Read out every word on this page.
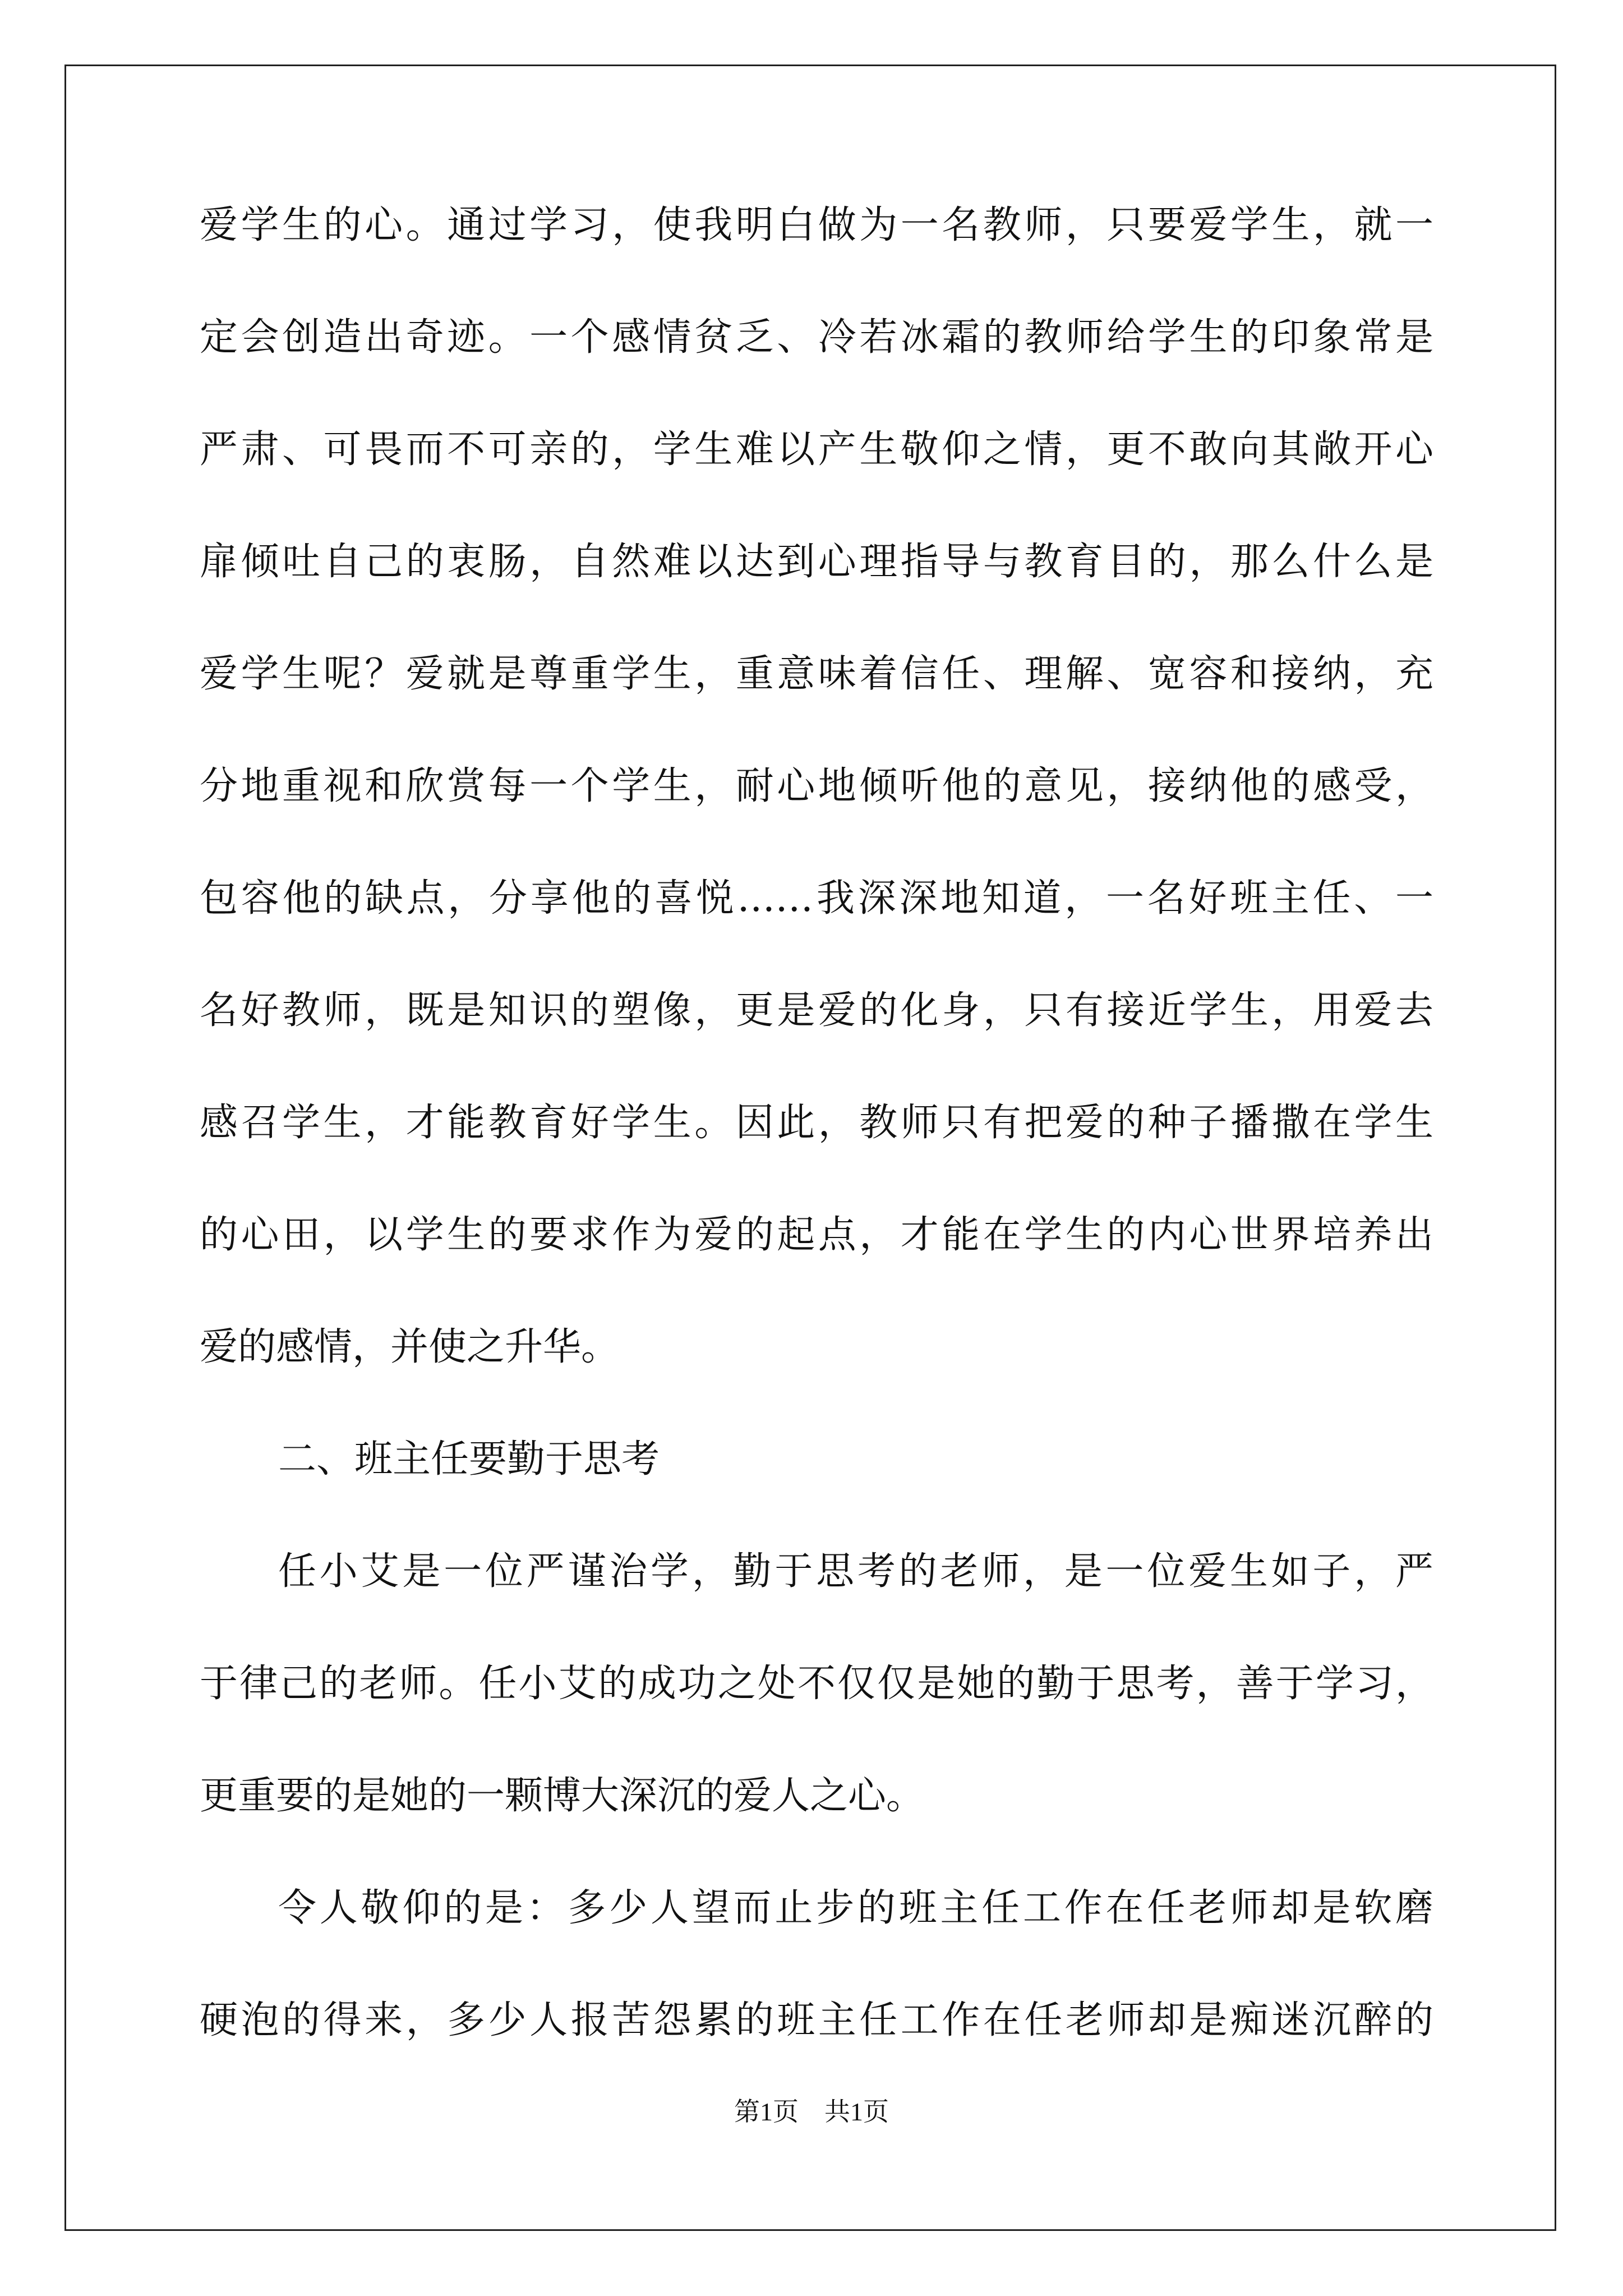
爱学生的心。通过学习，使我明白做为一名教师，只要爱学生，就一
定会创造出奇迹。一个感情贫乏、冷若冰霜的教师给学生的印象常是
严肃、可畏而不可亲的，学生难以产生敬仰之情，更不敢向其敞开心
扉倾吐自己的衷肠，自然难以达到心理指导与教育目的，那么什么是
爱学生呢？爱就是尊重学生，重意味着信任、理解、宽容和接纳，充
分地重视和欣赏每一个学生，耐心地倾听他的意见，接纳他的感受，
包容他的缺点，分享他的喜悦……我深深地知道，一名好班主任、一
名好教师，既是知识的塑像，更是爱的化身，只有接近学生，用爱去
感召学生，才能教育好学生。因此，教师只有把爱的种子播撒在学生
的心田，以学生的要求作为爱的起点，才能在学生的内心世界培养出
爱的感情，并使之升华。
二、班主任要勤于思考
任小艾是一位严谨治学，勤于思考的老师，是一位爱生如子，严
于律己的老师。任小艾的成功之处不仅仅是她的勤于思考，善于学习，
更重要的是她的一颗博大深沉的爱人之心。
令人敬仰的是：多少人望而止步的班主任工作在任老师却是软磨
硬泡的得来，多少人报苦怨累的班主任工作在任老师却是痴迷沉醉的
第1页　共1页
